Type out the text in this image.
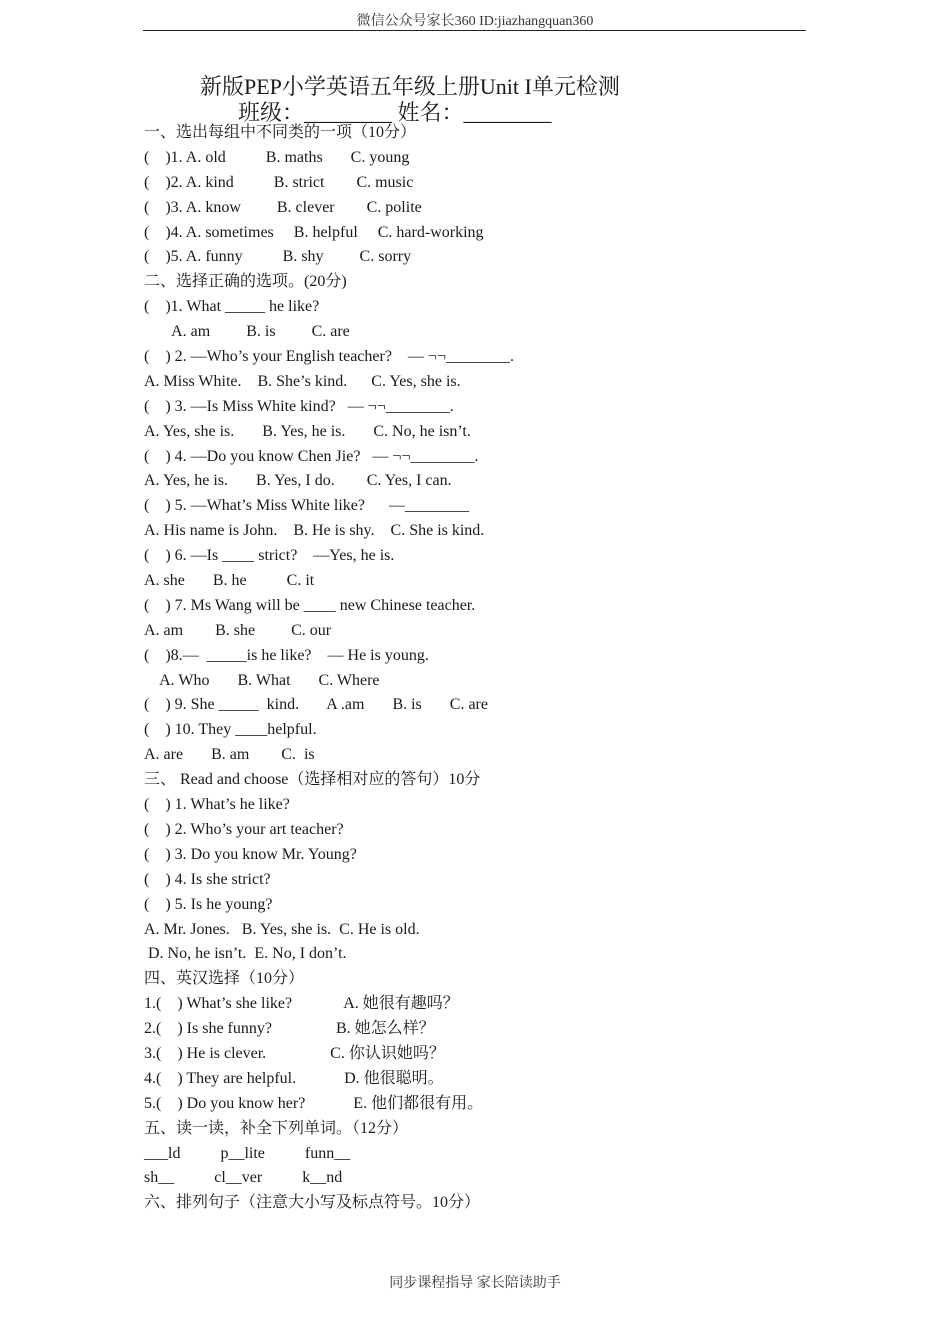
微信公众号家长360 ID:jiazhangquan360
新版PEP小学英语五年级上册Unit I单元检测
班级：________ 姓名：________
一、选出每组中不同类的一项（10分）
(    )1. A. old          B. maths       C. young
(    )2. A. kind          B. strict        C. music
(    )3. A. know         B. clever        C. polite
(    )4. A. sometimes     B. helpful     C. hard-working
(    )5. A. funny          B. shy         C. sorry
二、选择正确的选项。(20分)
(    )1. What _____ he like?
A. am         B. is         C. are
(    ) 2. —Who’s your English teacher?    — ¬¬________.
A. Miss White.    B. She’s kind.      C. Yes, she is.
(    ) 3. —Is Miss White kind?   — ¬¬________.
A. Yes, she is.       B. Yes, he is.       C. No, he isn’t.
(    ) 4. —Do you know Chen Jie?   — ¬¬________.
A. Yes, he is.       B. Yes, I do.        C. Yes, I can.
(    ) 5. —What’s Miss White like?      —________
A. His name is John.    B. He is shy.    C. She is kind.
(    ) 6. —Is ____ strict?    —Yes, he is.
A. she       B. he          C. it
(    ) 7. Ms Wang will be ____ new Chinese teacher.
A. am        B. she         C. our
(    )8.—  _____is he like?    — He is young.
A. Who       B. What       C. Where
(    ) 9. She _____  kind.       A .am       B. is       C. are
(    ) 10. They ____helpful.
A. are       B. am        C.  is
三、 Read and choose（选择相对应的答句）10分
(    ) 1. What’s he like?
(    ) 2. Who’s your art teacher?
(    ) 3. Do you know Mr. Young?
(    ) 4. Is she strict?
(    ) 5. Is he young?
A. Mr. Jones.   B. Yes, she is.  C. He is old.
D. No, he isn’t.  E. No, I don’t.
四、英汉选择（10分）
1.(    ) What’s she like?             A. 她很有趣吗？
2.(    ) Is she funny?                B. 她怎么样？
3.(    ) He is clever.                C. 你认识她吗？
4.(    ) They are helpful.            D. 他很聪明。
5.(    ) Do you know her?            E. 他们都很有用。
五、读一读，补全下列单词。（12分）
___ld          p__lite          funn__
sh__          cl__ver          k__nd
六、排列句子（注意大小写及标点符号。10分）
同步课程指导 家长陪读助手
